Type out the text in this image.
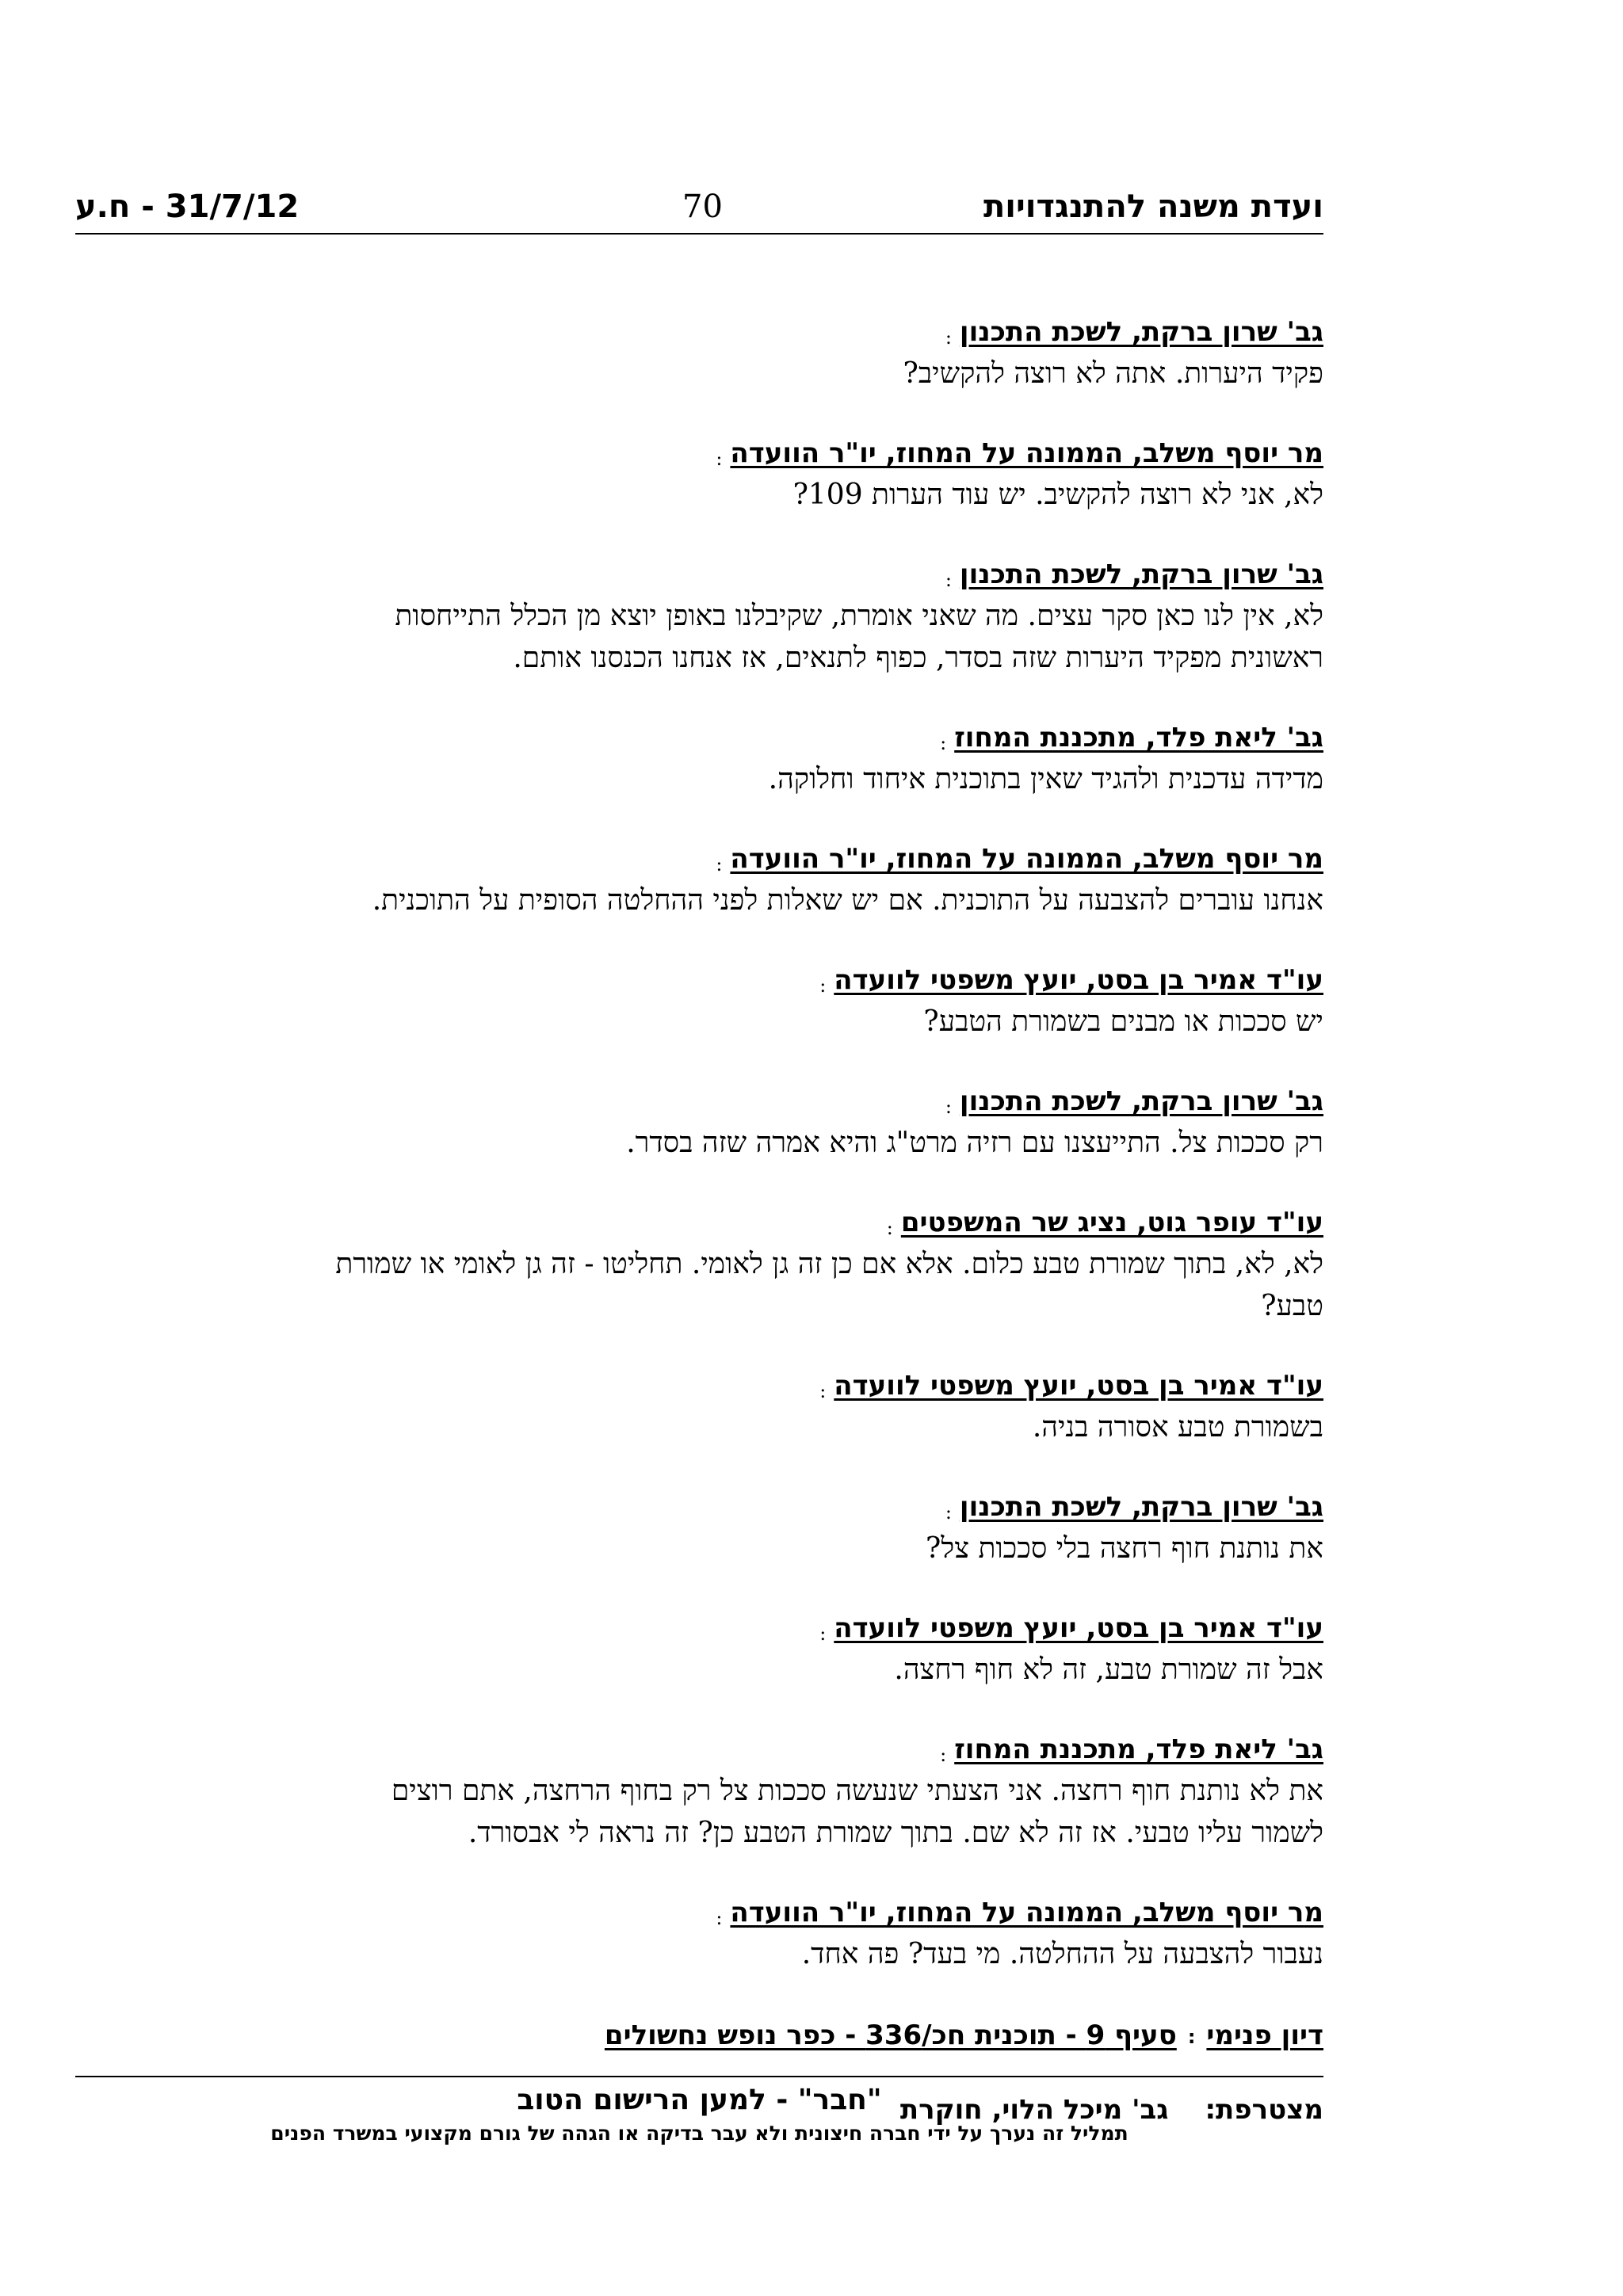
ועדת משנה להתנגדויות
70
31/7/12 - ח.ע
גב' שרון ברקת, לשכת התכנון:
פקיד היערות. אתה לא רוצה להקשיב?
מר יוסף משלב, הממונה על המחוז, יו"ר הוועדה:
לא, אני לא רוצה להקשיב. יש עוד הערות 109?
גב' שרון ברקת, לשכת התכנון:
לא, אין לנו כאן סקר עצים. מה שאני אומרת, שקיבלנו באופן יוצא מן הכלל התייחסות
ראשונית מפקיד היערות שזה בסדר, כפוף לתנאים, אז אנחנו הכנסנו אותם.
גב' ליאת פלד, מתכננת המחוז:
מדידה עדכנית ולהגיד שאין בתוכנית איחוד וחלוקה.
מר יוסף משלב, הממונה על המחוז, יו"ר הוועדה:
אנחנו עוברים להצבעה על התוכנית. אם יש שאלות לפני ההחלטה הסופית על התוכנית.
עו"ד אמיר בן בסט, יועץ משפטי לוועדה:
יש סככות או מבנים בשמורת הטבע?
גב' שרון ברקת, לשכת התכנון:
רק סככות צל. התייעצנו עם רזיה מרט"ג והיא אמרה שזה בסדר.
עו"ד עופר גוט, נציג שר המשפטים:
לא, לא, בתוך שמורת טבע כלום. אלא אם כן זה גן לאומי. תחליטו - זה גן לאומי או שמורת
טבע?
עו"ד אמיר בן בסט, יועץ משפטי לוועדה:
בשמורת טבע אסורה בניה.
גב' שרון ברקת, לשכת התכנון:
את נותנת חוף רחצה בלי סככות צל?
עו"ד אמיר בן בסט, יועץ משפטי לוועדה:
אבל זה שמורת טבע, זה לא חוף רחצה.
גב' ליאת פלד, מתכננת המחוז:
את לא נותנת חוף רחצה. אני הצעתי שנעשה סככות צל רק בחוף הרחצה, אתם רוצים
לשמור עליו טבעי. אז זה לא שם. בתוך שמורת הטבע כן? זה נראה לי אבסורד.
מר יוסף משלב, הממונה על המחוז, יו"ר הוועדה:
נעבור להצבעה על ההחלטה. מי בעד? פה אחד.
דיון פנימי:סעיף 9 - תוכנית חכ/336 - כפר נופש נחשולים
מצטרפת:גב' מיכל הלוי, חוקרת
"חבר" - למען הרישום הטוב
תמליל זה נערך על ידי חברה חיצונית ולא עבר בדיקה או הגהה של גורם מקצועי במשרד הפנים
